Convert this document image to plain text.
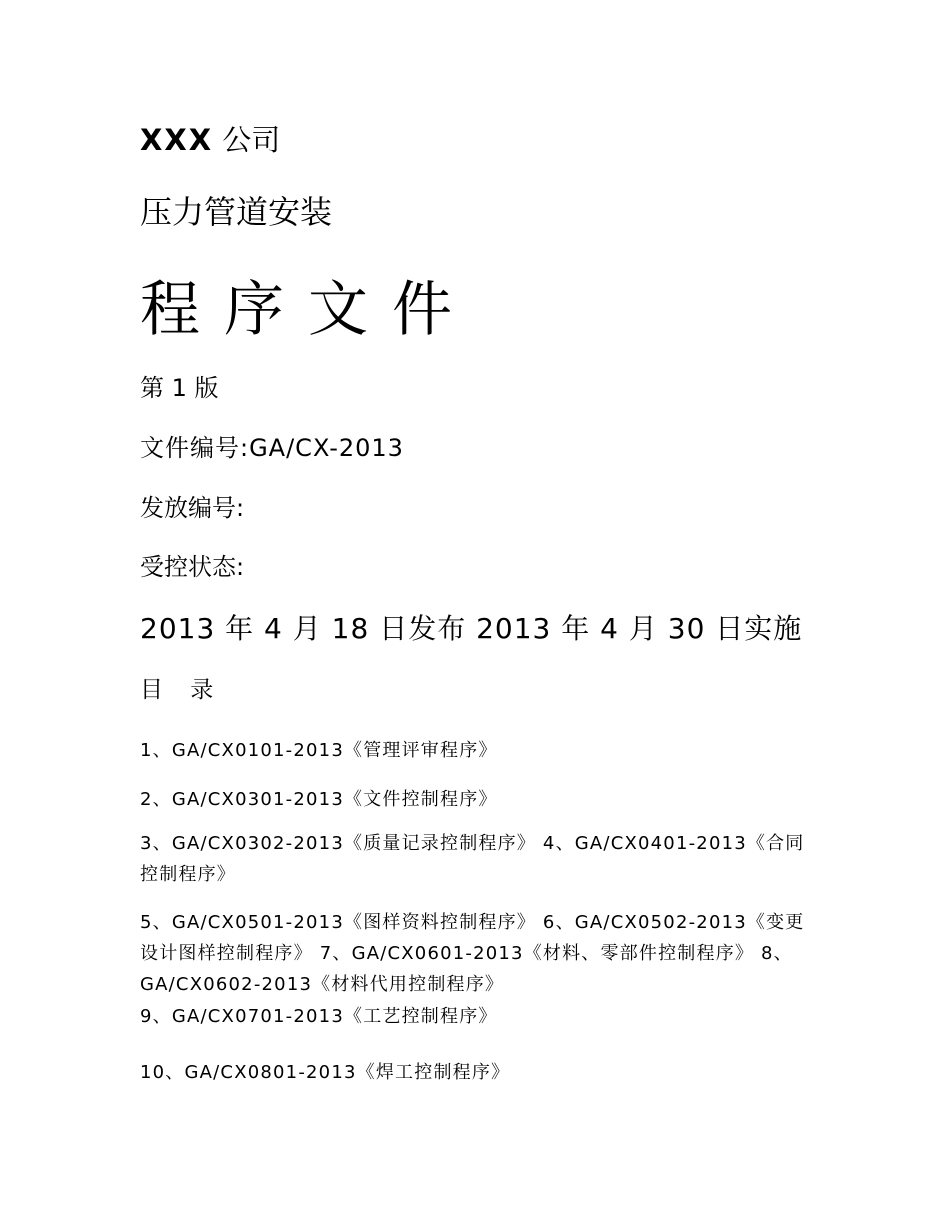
XXX 公司
压力管道安装
程序文件
第 1 版
文件编号:GA/CX-2013
发放编号:
受控状态:
2013 年 4 月 18 日发布 2013 年 4 月 30 日实施
目 录
1、GA/CX0101-2013《管理评审程序》
2、GA/CX0301-2013《文件控制程序》
3、GA/CX0302-2013《质量记录控制程序》 4、GA/CX0401-2013《合同控制程序》
5、GA/CX0501-2013《图样资料控制程序》 6、GA/CX0502-2013《变更设计图样控制程序》 7、GA/CX0601-2013《材料、零部件控制程序》 8、GA/CX0602-2013《材料代用控制程序》
9、GA/CX0701-2013《工艺控制程序》
10、GA/CX0801-2013《焊工控制程序》
